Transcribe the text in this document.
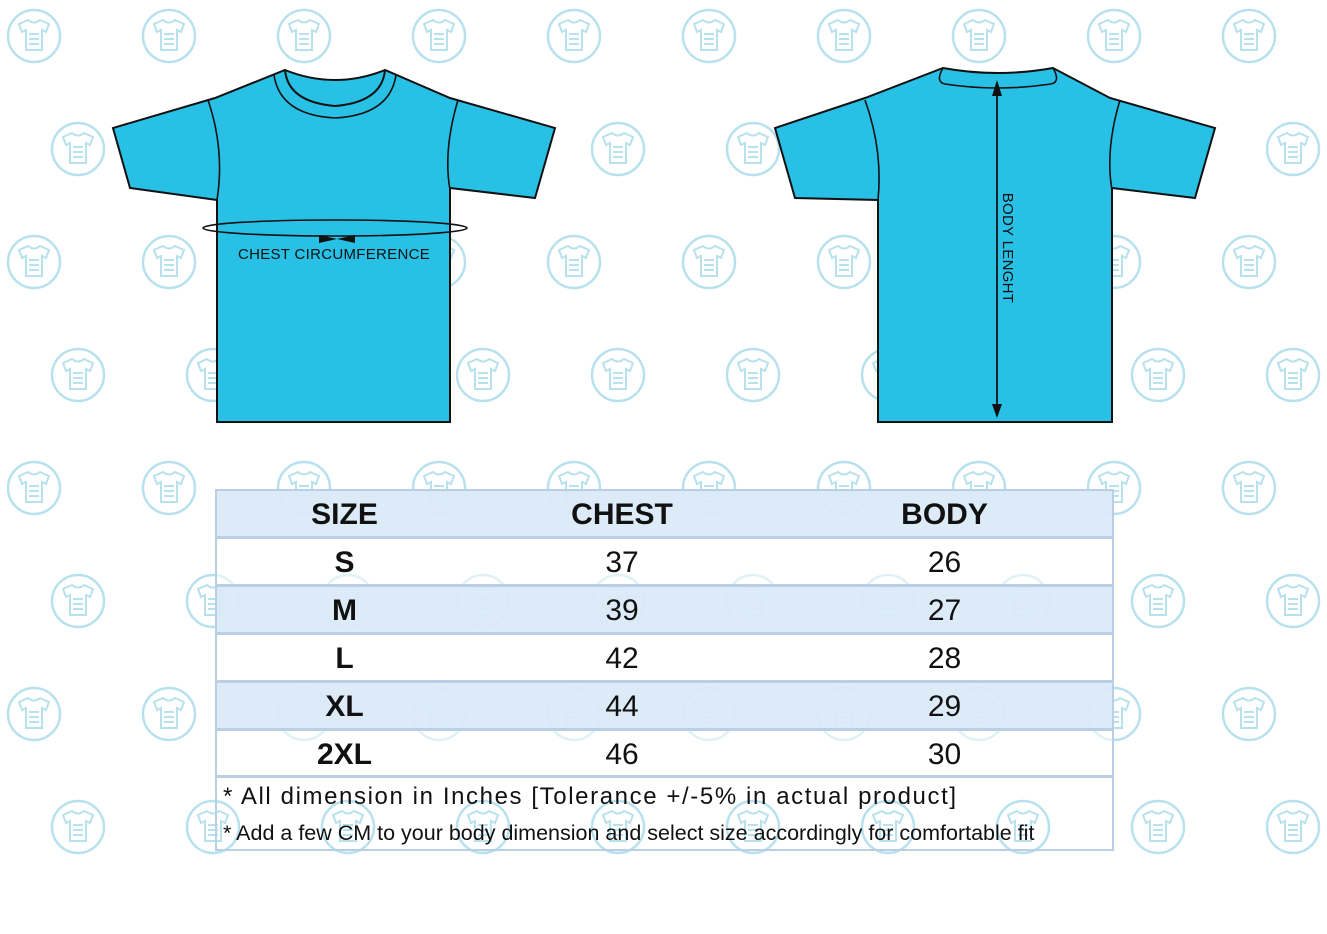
CHEST CIRCUMFERENCE	BODY LENGHT
SIZE	CHEST	BODY
S	37	26
M	39	27
L	42	28
XL	44	29
2XL	46	30
* All dimension in Inches [Tolerance +/-5% in actual product]
* Add a few CM to your body dimension and select size accordingly for comfortable fit
